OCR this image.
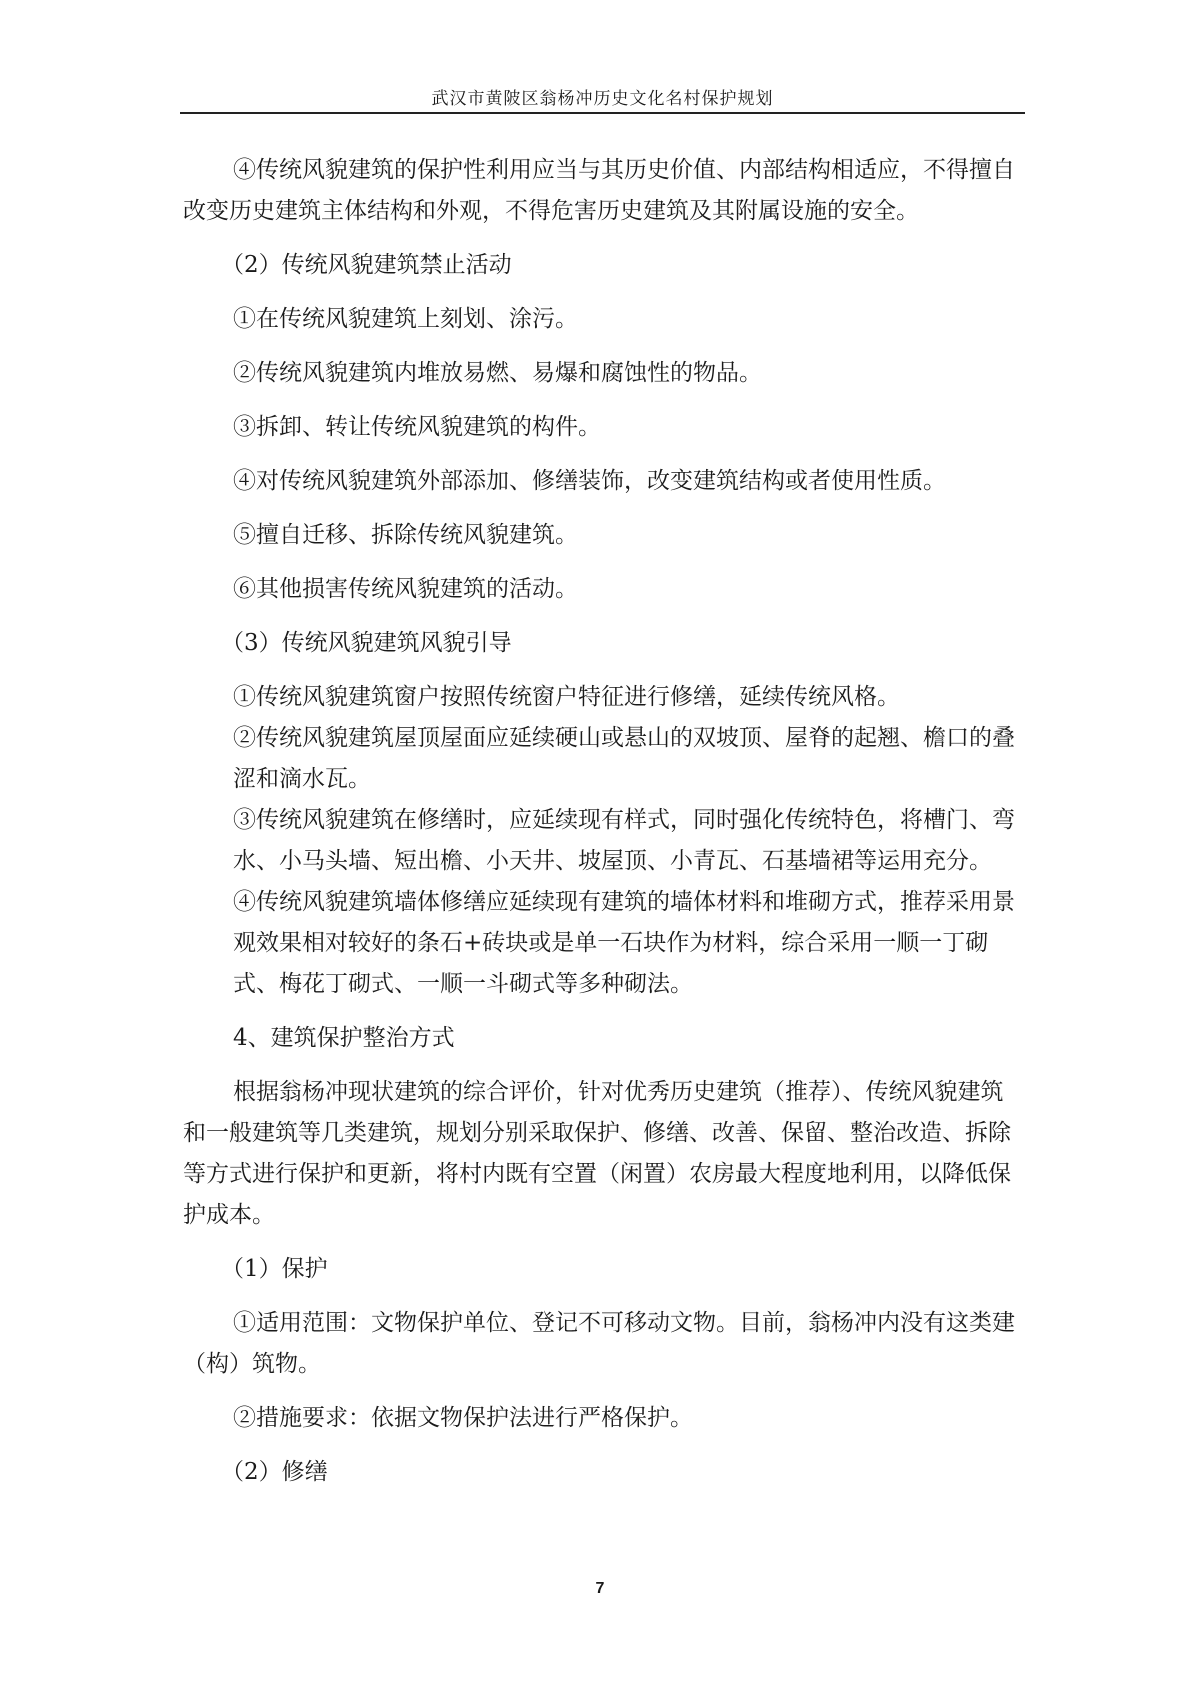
武汉市黄陂区翁杨冲历史文化名村保护规划

④传统风貌建筑的保护性利用应当与其历史价值、内部结构相适应，不得擅自改变历史建筑主体结构和外观，不得危害历史建筑及其附属设施的安全。

（2）传统风貌建筑禁止活动

①在传统风貌建筑上刻划、涂污。

②传统风貌建筑内堆放易燃、易爆和腐蚀性的物品。

③拆卸、转让传统风貌建筑的构件。

④对传统风貌建筑外部添加、修缮装饰，改变建筑结构或者使用性质。

⑤擅自迁移、拆除传统风貌建筑。

⑥其他损害传统风貌建筑的活动。

（3）传统风貌建筑风貌引导

①传统风貌建筑窗户按照传统窗户特征进行修缮，延续传统风格。

②传统风貌建筑屋顶屋面应延续硬山或悬山的双坡顶、屋脊的起翘、檐口的叠涩和滴水瓦。

③传统风貌建筑在修缮时，应延续现有样式，同时强化传统特色，将槽门、弯水、小马头墙、短出檐、小天井、坡屋顶、小青瓦、石基墙裙等运用充分。

④传统风貌建筑墙体修缮应延续现有建筑的墙体材料和堆砌方式，推荐采用景观效果相对较好的条石+砖块或是单一石块作为材料，综合采用一顺一丁砌式、梅花丁砌式、一顺一斗砌式等多种砌法。

4、建筑保护整治方式

根据翁杨冲现状建筑的综合评价，针对优秀历史建筑（推荐）、传统风貌建筑和一般建筑等几类建筑，规划分别采取保护、修缮、改善、保留、整治改造、拆除等方式进行保护和更新，将村内既有空置（闲置）农房最大程度地利用，以降低保护成本。

（1）保护

①适用范围：文物保护单位、登记不可移动文物。目前，翁杨冲内没有这类建（构）筑物。

②措施要求：依据文物保护法进行严格保护。

（2）修缮

7
